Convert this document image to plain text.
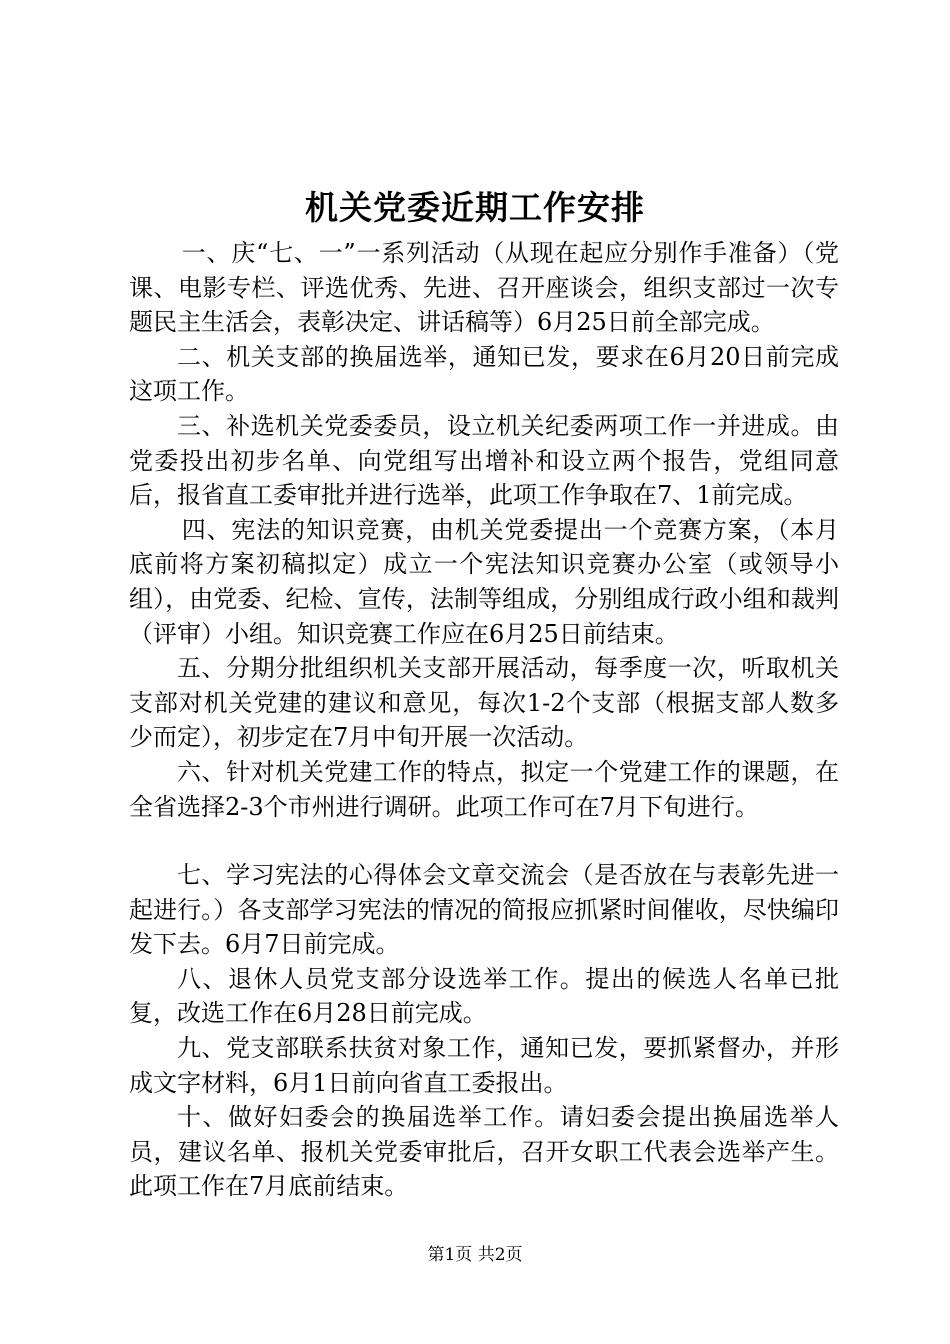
机关党委近期工作安排

一、庆“七、一”一系列活动（从现在起应分别作手准备）（党课、电影专栏、评选优秀、先进、召开座谈会，组织支部过一次专题民主生活会，表彰决定、讲话稿等）6月25日前全部完成。

二、机关支部的换届选举，通知已发，要求在6月20日前完成这项工作。

三、补选机关党委委员，设立机关纪委两项工作一并进成。由党委投出初步名单、向党组写出增补和设立两个报告，党组同意后，报省直工委审批并进行选举，此项工作争取在7、1前完成。

四、宪法的知识竞赛，由机关党委提出一个竞赛方案，（本月底前将方案初稿拟定）成立一个宪法知识竞赛办公室（或领导小组），由党委、纪检、宣传，法制等组成，分别组成行政小组和裁判（评审）小组。知识竞赛工作应在6月25日前结束。

五、分期分批组织机关支部开展活动，每季度一次，听取机关支部对机关党建的建议和意见，每次1-2个支部（根据支部人数多少而定），初步定在7月中旬开展一次活动。

六、针对机关党建工作的特点，拟定一个党建工作的课题，在全省选择2-3个市州进行调研。此项工作可在7月下旬进行。

七、学习宪法的心得体会文章交流会（是否放在与表彰先进一起进行。）各支部学习宪法的情况的简报应抓紧时间催收，尽快编印发下去。6月7日前完成。

八、退休人员党支部分设选举工作。提出的候选人名单已批复，改选工作在6月28日前完成。

九、党支部联系扶贫对象工作，通知已发，要抓紧督办，并形成文字材料，6月1日前向省直工委报出。

十、做好妇委会的换届选举工作。请妇委会提出换届选举人员，建议名单、报机关党委审批后，召开女职工代表会选举产生。此项工作在7月底前结束。

第1页 共2页
